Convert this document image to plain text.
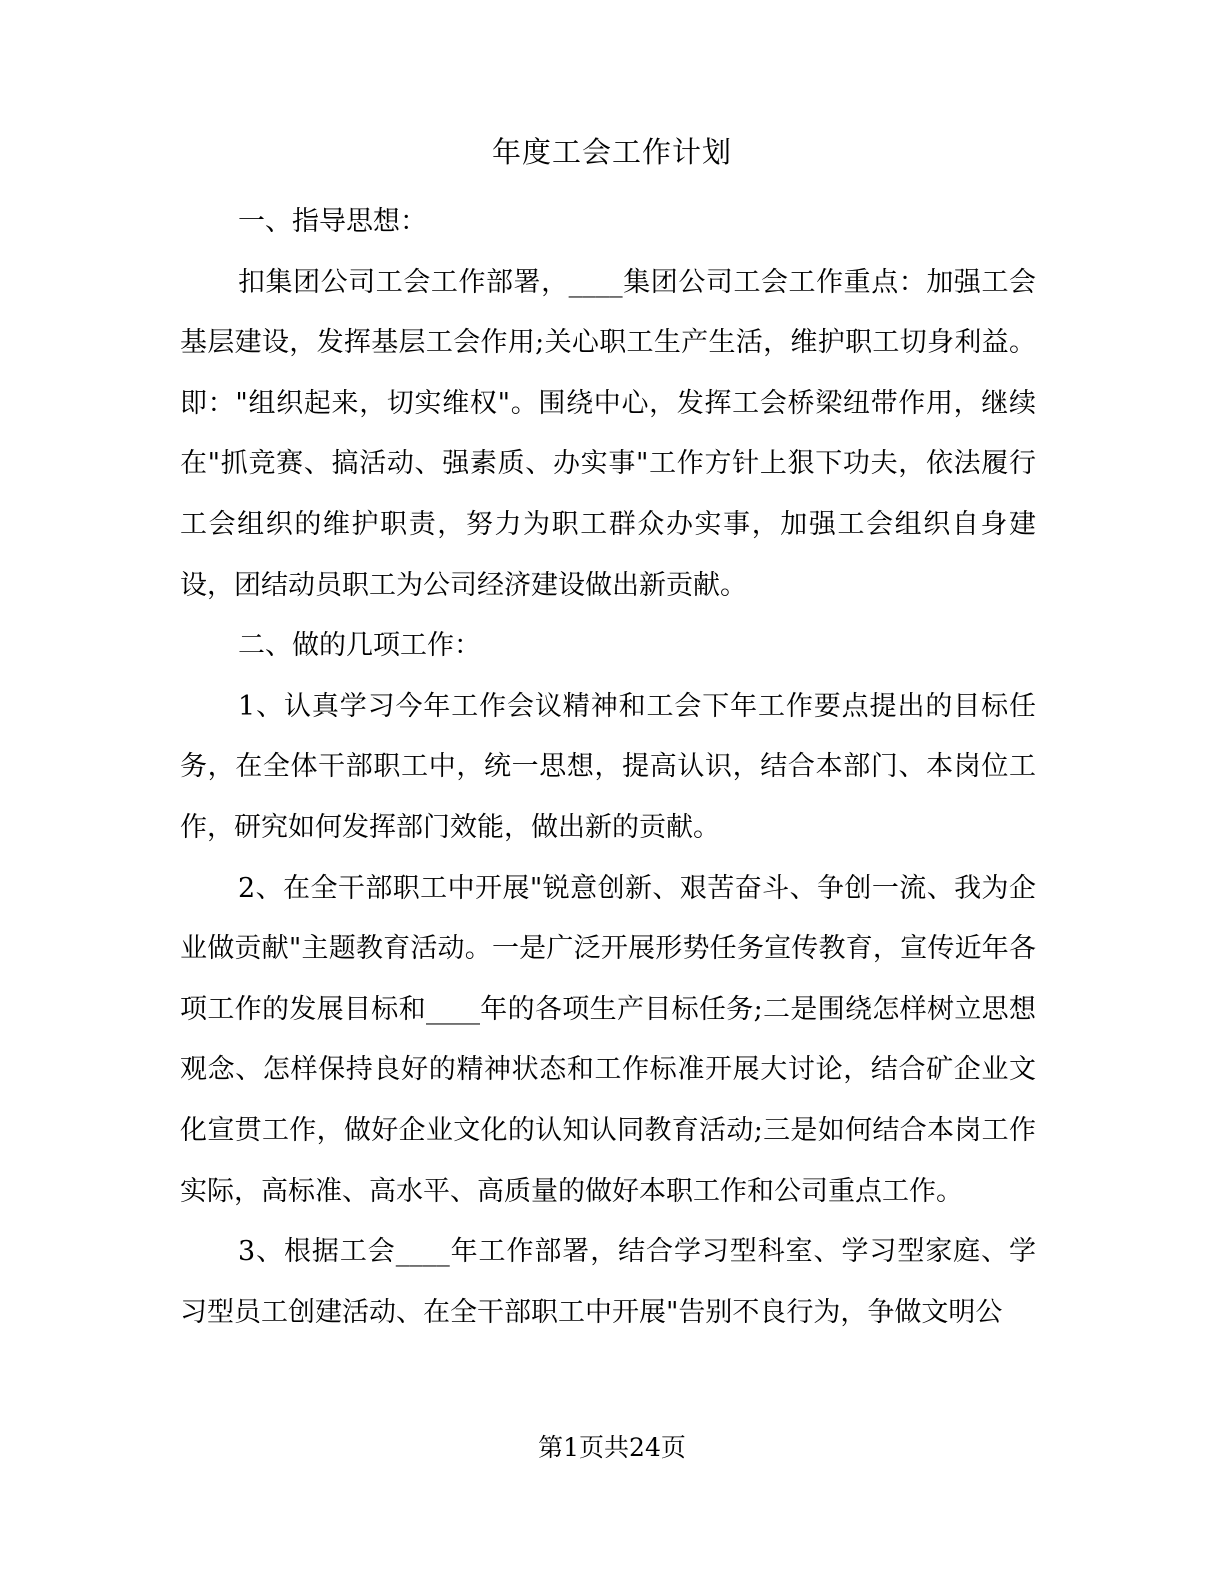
年度工会工作计划

一、指导思想：

扣集团公司工会工作部署，____集团公司工会工作重点：加强工会基层建设，发挥基层工会作用;关心职工生产生活，维护职工切身利益。即："组织起来，切实维权"。围绕中心，发挥工会桥梁纽带作用，继续在"抓竞赛、搞活动、强素质、办实事"工作方针上狠下功夫，依法履行工会组织的维护职责，努力为职工群众办实事，加强工会组织自身建设，团结动员职工为公司经济建设做出新贡献。

二、做的几项工作：

1、认真学习今年工作会议精神和工会下年工作要点提出的目标任务，在全体干部职工中，统一思想，提高认识，结合本部门、本岗位工作，研究如何发挥部门效能，做出新的贡献。

2、在全干部职工中开展"锐意创新、艰苦奋斗、争创一流、我为企业做贡献"主题教育活动。一是广泛开展形势任务宣传教育，宣传近年各项工作的发展目标和____年的各项生产目标任务;二是围绕怎样树立思想观念、怎样保持良好的精神状态和工作标准开展大讨论，结合矿企业文化宣贯工作，做好企业文化的认知认同教育活动;三是如何结合本岗工作实际，高标准、高水平、高质量的做好本职工作和公司重点工作。

3、根据工会____年工作部署，结合学习型科室、学习型家庭、学习型员工创建活动、在全干部职工中开展"告别不良行为，争做文明公

第1页共24页
